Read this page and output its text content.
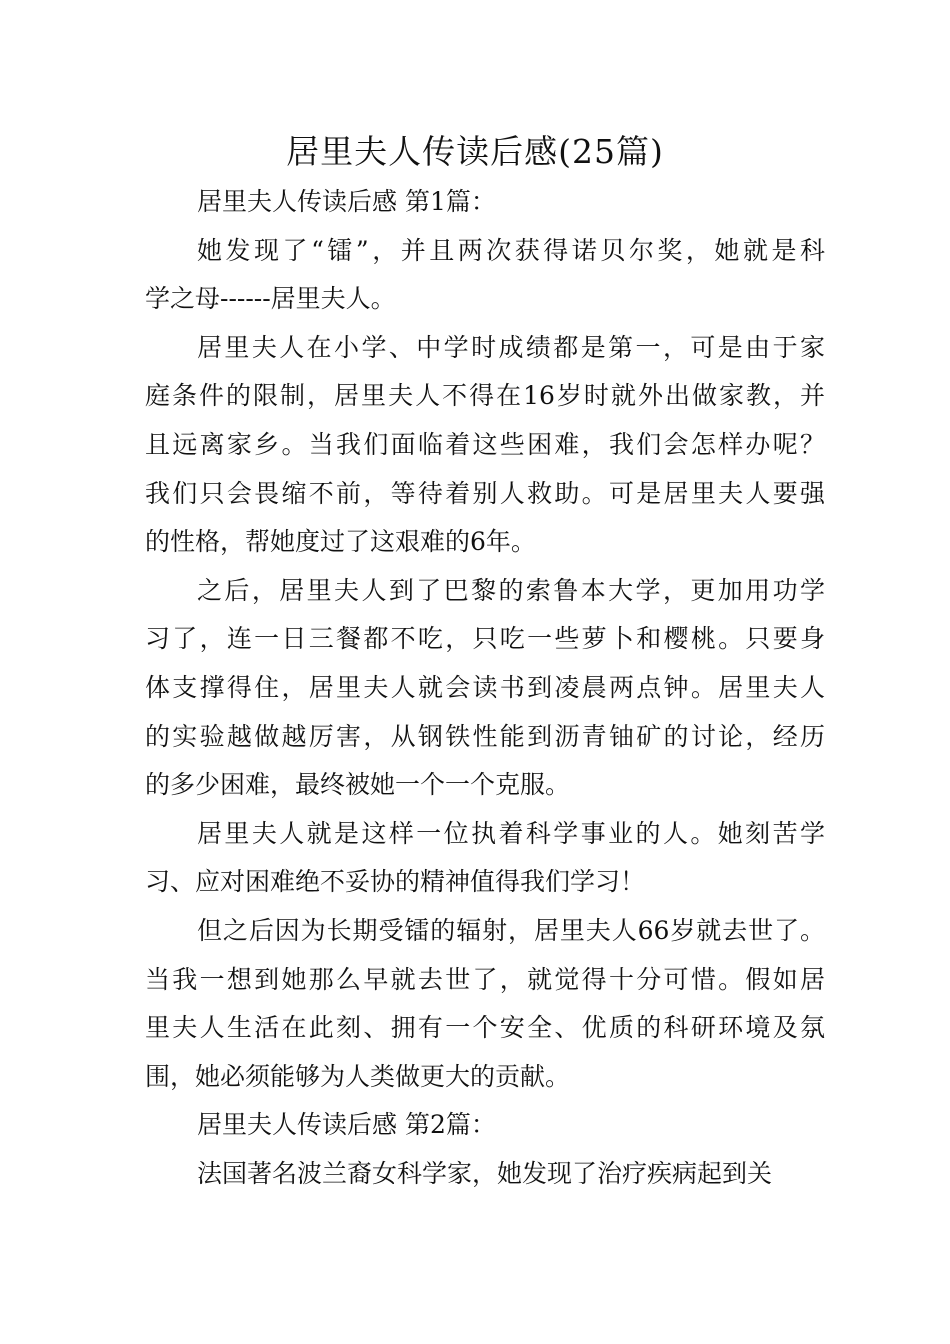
居里夫人传读后感(25篇)
居里夫人传读后感 第1篇：
她发现了“镭”，并且两次获得诺贝尔奖，她就是科
学之母------居里夫人。
居里夫人在小学、中学时成绩都是第一，可是由于家
庭条件的限制，居里夫人不得在16岁时就外出做家教，并
且远离家乡。当我们面临着这些困难，我们会怎样办呢？
我们只会畏缩不前，等待着别人救助。可是居里夫人要强
的性格，帮她度过了这艰难的6年。
之后，居里夫人到了巴黎的索鲁本大学，更加用功学
习了，连一日三餐都不吃，只吃一些萝卜和樱桃。只要身
体支撑得住，居里夫人就会读书到凌晨两点钟。居里夫人
的实验越做越厉害，从钢铁性能到沥青铀矿的讨论，经历
的多少困难，最终被她一个一个克服。
居里夫人就是这样一位执着科学事业的人。她刻苦学
习、应对困难绝不妥协的精神值得我们学习！
但之后因为长期受镭的辐射，居里夫人66岁就去世了。
当我一想到她那么早就去世了，就觉得十分可惜。假如居
里夫人生活在此刻、拥有一个安全、优质的科研环境及氛
围，她必须能够为人类做更大的贡献。
居里夫人传读后感 第2篇：
法国著名波兰裔女科学家，她发现了治疗疾病起到关
